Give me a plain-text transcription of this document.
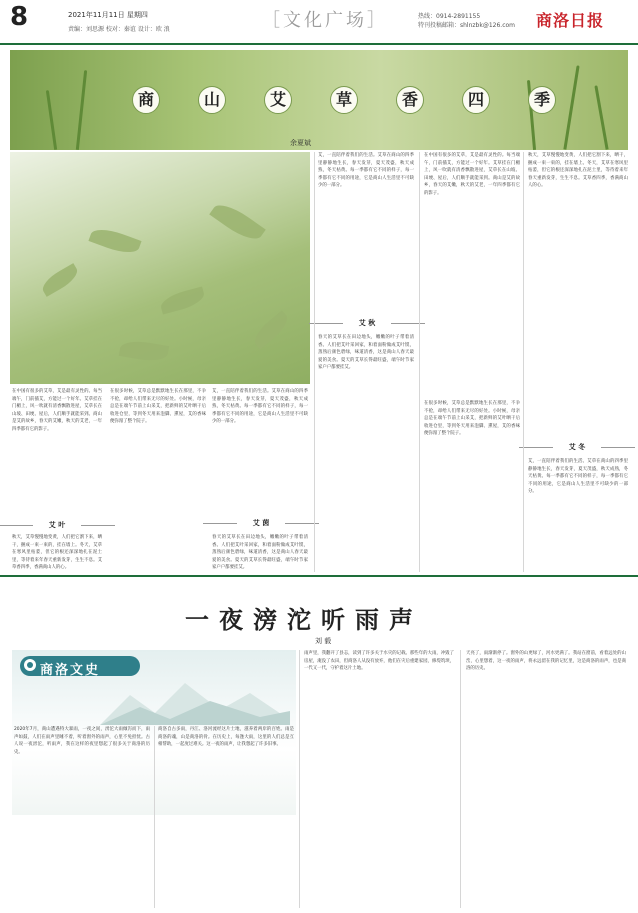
8	2021年11月11日 星期四
责编：刘思源 校对：秦谊 设计：欧 浪	［文化广场］	热线：0914-2891155
特刊投稿邮箱：shlnzbk@126.com 商洛日报
商	山	艾	草	香	四	季
余夏斌
在中国有很多的艾草，艾是最有灵性的。每当端午，门前插艾，方能过一个好年。艾草挂在门楣上，风一吹就有清香飘散进屋，艾草长在山坡、田埂、屋后，人们顺手就能采到。商山是艾的故乡，春天的艾嫩，秋天的艾老，一年四季都有它的影子。
艾 叶
秋天，艾草慢慢地变黄，人们把它割下来，晒干，捆成一束一束的，挂在墙上。冬天，艾草在寒风里枯萎，但它的根还深深地扎在泥土里，等待着来年春天重新发芽，生生不息。艾草香四季，香满商山人的心。
在很多时候，艾草总是默默地生长在那里，不争不抢，却给人们带来无尽的好处。小时候，母亲总是在端午节前上山采艾，把新鲜的艾叶晒干后收进仓里，等到冬天用来泡脚、熏屋，艾的香味便弥漫了整个院子。
艾，一直陪伴着我们的生活。艾草在商山的四季里静静地生长，春天发芽，夏天茂盛，秋天成熟，冬天枯黄。每一季都有它不同的样子，每一季都有它不同的用途，它是商山人生活里不可缺少的一部分。
艾 茵
春天的艾草长在田边地头，嫩嫩的叶子带着清香。人们把艾叶采回家，和着面粉做成艾叶馍，蒸熟后颜色碧绿，味道清香，这是商山人春天最爱的美食。夏天的艾草长得最旺盛，端午时节家家户户都要挂艾。
艾，一直陪伴着我们的生活。艾草在商山的四季里静静地生长，春天发芽，夏天茂盛，秋天成熟，冬天枯黄。每一季都有它不同的样子，每一季都有它不同的用途，它是商山人生活里不可缺少的一部分。
艾 秋
春天的艾草长在田边地头，嫩嫩的叶子带着清香。人们把艾叶采回家，和着面粉做成艾叶馍，蒸熟后颜色碧绿，味道清香，这是商山人春天最爱的美食。夏天的艾草长得最旺盛，端午时节家家户户都要挂艾。
在中国有很多的艾草，艾是最有灵性的。每当端午，门前插艾，方能过一个好年。艾草挂在门楣上，风一吹就有清香飘散进屋，艾草长在山坡、田埂、屋后，人们顺手就能采到。商山是艾的故乡，春天的艾嫩，秋天的艾老，一年四季都有它的影子。
在很多时候，艾草总是默默地生长在那里，不争不抢，却给人们带来无尽的好处。小时候，母亲总是在端午节前上山采艾，把新鲜的艾叶晒干后收进仓里，等到冬天用来泡脚、熏屋，艾的香味便弥漫了整个院子。
秋天，艾草慢慢地变黄，人们把它割下来，晒干，捆成一束一束的，挂在墙上。冬天，艾草在寒风里枯萎，但它的根还深深地扎在泥土里，等待着来年春天重新发芽，生生不息。艾草香四季，香满商山人的心。
艾 冬
艾，一直陪伴着我们的生活。艾草在商山的四季里静静地生长，春天发芽，夏天茂盛，秋天成熟，冬天枯黄。每一季都有它不同的样子，每一季都有它不同的用途，它是商山人生活里不可缺少的一部分。
一夜滂沱听雨声
刘 毅
商洛文史
2020年7月，商山遭遇特大暴雨，一夜之间，滂沱大雨倾泻而下，雨声如鼓，人们在雨声里睡不着，听着窗外的雨声，心里不免担忧。古人说一夜滂沱，听雨声，我在这样的夜里想起了很多关于商洛的历史。
商洛自古多雨，丹江、洛河流经这片土地，滋养着两岸的百姓。雨是商洛的魂，山是商洛的骨。在历史上，每逢大雨，这里的人们总是互相帮助，一起度过难关。这一夜的雨声，让我想起了许多旧事。
雨声里，我翻开了县志，读到了许多关于水灾的记载。那些年的大雨，冲毁了房屋，淹没了农田，但商洛人从没有放弃，他们在灾后重建家园，修堤筑坝，一代又一代，守护着这片土地。
天亮了，雨渐渐停了。窗外的山更绿了，河水更满了。我站在窗前，看着远处的山峦，心里想着，这一夜的雨声，将永远留在我的记忆里，这是商洛的雨声，也是商洛的历史。
